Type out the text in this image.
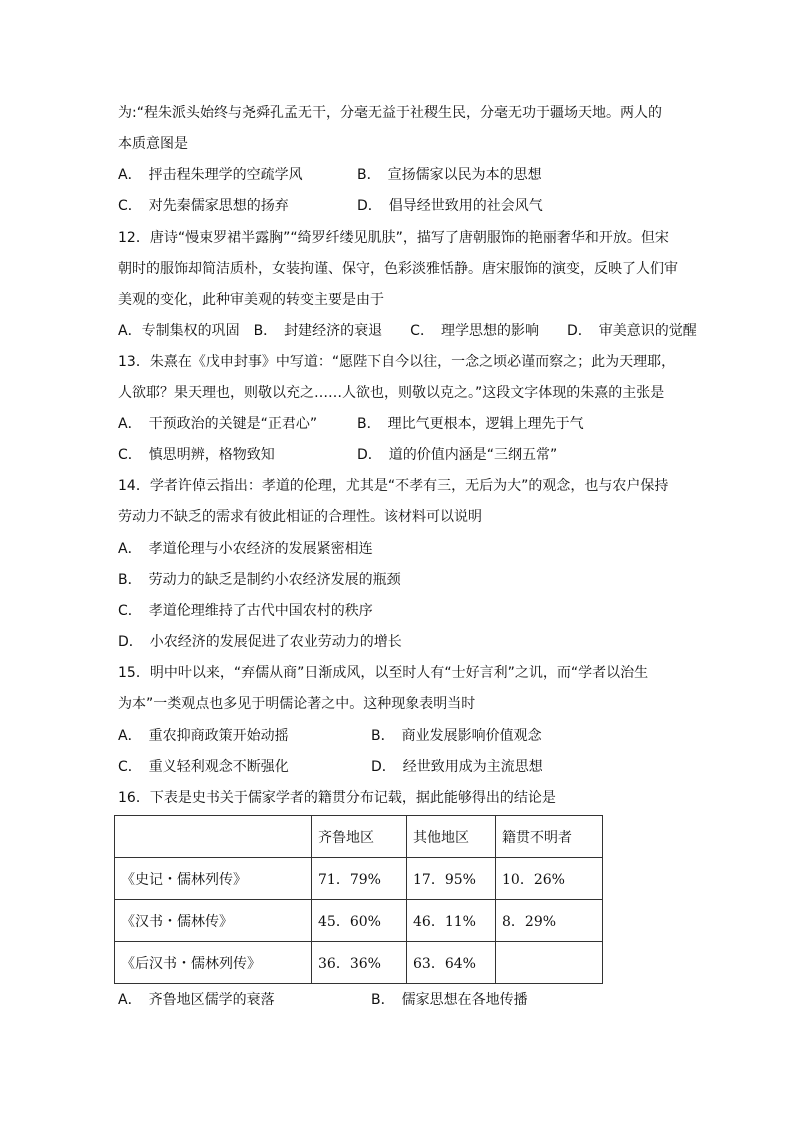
为:“程朱派头始终与尧舜孔孟无干，分毫无益于社稷生民，分毫无功于疆场天地。两人的
本质意图是
A．　抨击程朱理学的空疏学风	B．　宣扬儒家以民为本的思想
C．　对先秦儒家思想的扬弃	D．　倡导经世致用的社会风气
12．唐诗“慢束罗裙半露胸”“绮罗纤缕见肌肤”，描写了唐朝服饰的艳丽奢华和开放。但宋
朝时的服饰却简洁质朴，女装拘谨、保守，色彩淡雅恬静。唐宋服饰的演变，反映了人们审
美观的变化，此种审美观的转变主要是由于
A．专制集权的巩固　B．　封建经济的衰退　　C．　理学思想的影响　　D．　审美意识的觉醒
13．朱熹在《戊申封事》中写道：“愿陛下自今以往，一念之顷必谨而察之；此为天理耶，
人欲耶？果天理也，则敬以充之……人欲也，则敬以克之。”这段文字体现的朱熹的主张是
A．　干预政治的关键是“正君心”	B．　理比气更根本，逻辑上理先于气
C．　慎思明辨，格物致知	D．　道的价值内涵是“三纲五常”
14．学者许倬云指出：孝道的伦理，尤其是“不孝有三，无后为大”的观念，也与农户保持
劳动力不缺乏的需求有彼此相证的合理性。该材料可以说明
A．　孝道伦理与小农经济的发展紧密相连
B．　劳动力的缺乏是制约小农经济发展的瓶颈
C．　孝道伦理维持了古代中国农村的秩序
D．　小农经济的发展促进了农业劳动力的增长
15．明中叶以来，“弃儒从商”日渐成风，以至时人有“士好言利”之讥，而“学者以治生
为本”一类观点也多见于明儒论著之中。这种现象表明当时
A．　重农抑商政策开始动摇	B．　商业发展影响价值观念
C．　重义轻利观念不断强化	D．　经世致用成为主流思想
16．下表是史书关于儒家学者的籍贯分布记载，据此能够得出的结论是
	齐鲁地区	其他地区	籍贯不明者
《史记・儒林列传》	71．79%	17．95%	10．26%
《汉书・儒林传》	45．60%	46．11%	8．29%
《后汉书・儒林列传》	36．36%	63．64%	
A．　齐鲁地区儒学的衰落	B．　儒家思想在各地传播
